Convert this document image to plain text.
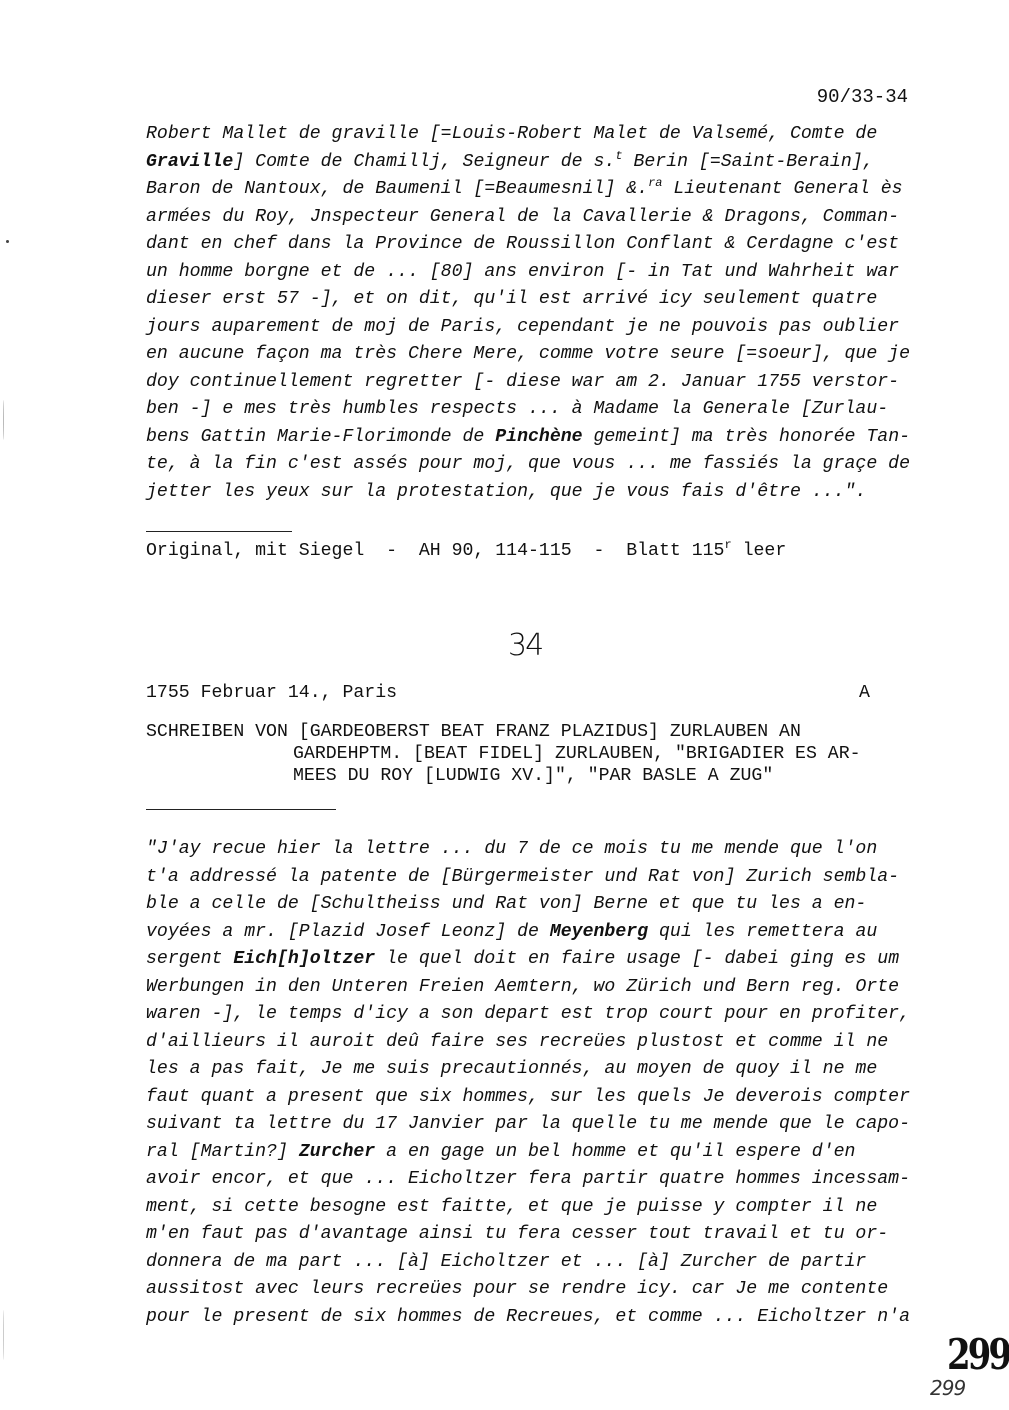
90/33-34
Robert Mallet de graville [=Louis-Robert Malet de Valsemé, Comte de
Graville] Comte de Chamillj, Seigneur de s.$^t$ Berin [=Saint-Berain],
Baron de Nantoux, de Baumenil [=Beaumesnil] &.$^{ra}$ Lieutenant General ès
armées du Roy, Jnspecteur General de la Cavallerie & Dragons, Comman-
dant en chef dans la Province de Roussillon Conflant & Cerdagne c'est
un homme borgne et de ... [80] ans environ [- in Tat und Wahrheit war
dieser erst 57 -], et on dit, qu'il est arrivé icy seulement quatre
jours auparement de moj de Paris, cependant je ne pouvois pas oublier
en aucune façon ma très Chere Mere, comme votre seure [=soeur], que je
doy continuellement regretter [- diese war am 2. Januar 1755 verstor-
ben -] e mes très humbles respects ... à Madame la Generale [Zurlau-
bens Gattin Marie-Florimonde de Pinchène gemeint] ma très honorée Tan-
te, à la fin c'est assés pour moj, que vous ... me fassiés la graçe de
jetter les yeux sur la protestation, que je vous fais d'être ...".
Original, mit Siegel  -  AH 90, 114-115  -  Blatt 115$^r$ leer
34
1755 Februar 14., Paris	A
SCHREIBEN VON [GARDEOBERST BEAT FRANZ PLAZIDUS] ZURLAUBEN AN
GARDEHPTM. [BEAT FIDEL] ZURLAUBEN, "BRIGADIER ES AR-
MEES DU ROY [LUDWIG XV.]", "PAR BASLE A ZUG"
"J'ay recue hier la lettre ... du 7 de ce mois tu me mende que l'on
t'a addressé la patente de [Bürgermeister und Rat von] Zurich sembla-
ble a celle de [Schultheiss und Rat von] Berne et que tu les a en-
voyées a mr. [Plazid Josef Leonz] de Meyenberg qui les remettera au
sergent Eich[h]oltzer le quel doit en faire usage [- dabei ging es um
Werbungen in den Unteren Freien Aemtern, wo Zürich und Bern reg. Orte
waren -], le temps d'icy a son depart est trop court pour en profiter,
d'aillieurs il auroit deû faire ses recreües plustost et comme il ne
les a pas fait, Je me suis precautionnés, au moyen de quoy il ne me
faut quant a present que six hommes, sur les quels Je deverois compter
suivant ta lettre du 17 Janvier par la quelle tu me mende que le capo-
ral [Martin?] Zurcher a en gage un bel homme et qu'il espere d'en
avoir encor, et que ... Eicholtzer fera partir quatre hommes incessam-
ment, si cette besogne est faitte, et que je puisse y compter il ne
m'en faut pas d'avantage ainsi tu fera cesser tout travail et tu or-
donnera de ma part ... [à] Eicholtzer et ... [à] Zurcher de partir
aussitost avec leurs recreües pour se rendre icy. car Je me contente
pour le present de six hommes de Recreues, et comme ... Eicholtzer n'a
299
299
